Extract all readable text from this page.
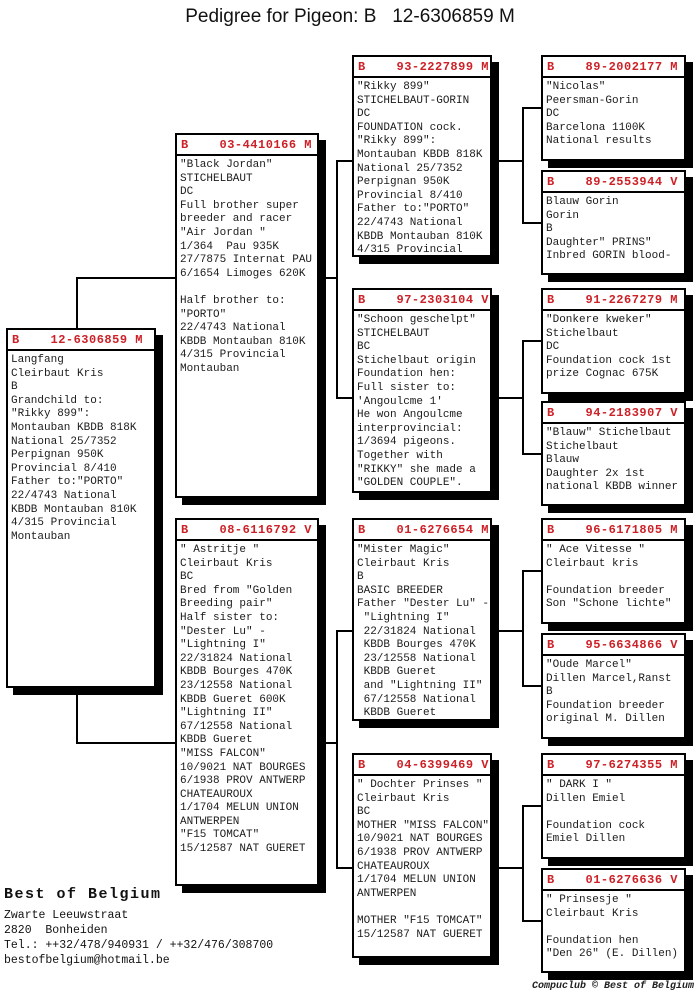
Pedigree for Pigeon: B   12-6306859 M
B    12-6306859 M
Langfang
Cleirbaut Kris
B
Grandchild to:
"Rikky 899":
Montauban KBDB 818K
National 25/7352
Perpignan 950K
Provincial 8/410
Father to:"PORTO"
22/4743 National
KBDB Montauban 810K
4/315 Provincial
Montauban
B    03-4410166 M
"Black Jordan"
STICHELBAUT
DC
Full brother super
breeder and racer
"Air Jordan "
1/364  Pau 935K
27/7875 Internat PAU
6/1654 Limoges 620K

Half brother to:
"PORTO"
22/4743 National
KBDB Montauban 810K
4/315 Provincial
Montauban
B    08-6116792 V
" Astritje "
Cleirbaut Kris
BC
Bred from "Golden
Breeding pair"
Half sister to:
"Dester Lu" -
"Lightning I"
22/31824 National
KBDB Bourges 470K
23/12558 National
KBDB Gueret 600K
"Lightning II"
67/12558 National
KBDB Gueret
"MISS FALCON"
10/9021 NAT BOURGES
6/1938 PROV ANTWERP
CHATEAUROUX
1/1704 MELUN UNION
ANTWERPEN
"F15 TOMCAT"
15/12587 NAT GUERET
B    93-2227899 M
"Rikky 899"
STICHELBAUT-GORIN
DC
FOUNDATION cock.
"Rikky 899":
Montauban KBDB 818K
National 25/7352
Perpignan 950K
Provincial 8/410
Father to:"PORTO"
22/4743 National
KBDB Montauban 810K
4/315 Provincial
B    97-2303104 V
"Schoon geschelpt"
STICHELBAUT
BC
Stichelbaut origin
Foundation hen:
Full sister to:
'Angoulcme 1'
He won Angoulcme
interprovincial:
1/3694 pigeons.
Together with
"RIKKY" she made a
"GOLDEN COUPLE".
B    01-6276654 M
"Mister Magic"
Cleirbaut Kris
B
BASIC BREEDER
Father "Dester Lu" -
"Lightning I"
22/31824 National
KBDB Bourges 470K
23/12558 National
KBDB Gueret
and "Lightning II"
67/12558 National
KBDB Gueret
B    04-6399469 V
" Dochter Prinses "
Cleirbaut Kris
BC
MOTHER "MISS FALCON"
10/9021 NAT BOURGES
6/1938 PROV ANTWERP
CHATEAUROUX
1/1704 MELUN UNION
ANTWERPEN

MOTHER "F15 TOMCAT"
15/12587 NAT GUERET
B    89-2002177 M
"Nicolas"
Peersman-Gorin
DC
Barcelona 1100K
National results
B    89-2553944 V
Blauw Gorin
Gorin
B
Daughter" PRINS"
Inbred GORIN blood-
B    91-2267279 M
"Donkere kweker"
Stichelbaut
DC
Foundation cock 1st
prize Cognac 675K
B    94-2183907 V
"Blauw" Stichelbaut
Stichelbaut
Blauw
Daughter 2x 1st
national KBDB winner
B    96-6171805 M
" Ace Vitesse "
Cleirbaut kris

Foundation breeder
Son "Schone lichte"
B    95-6634866 V
"Oude Marcel"
Dillen Marcel,Ranst
B
Foundation breeder
original M. Dillen
B    97-6274355 M
" DARK I "
Dillen Emiel

Foundation cock
Emiel Dillen
B    01-6276636 V
" Prinsesje "
Cleirbaut Kris

Foundation hen
"Den 26" (E. Dillen)
Best of Belgium
Zwarte Leeuwstraat
2820  Bonheiden
Tel.: ++32/478/940931 / ++32/476/308700
bestofbelgium@hotmail.be
Compuclub © Best of Belgium
